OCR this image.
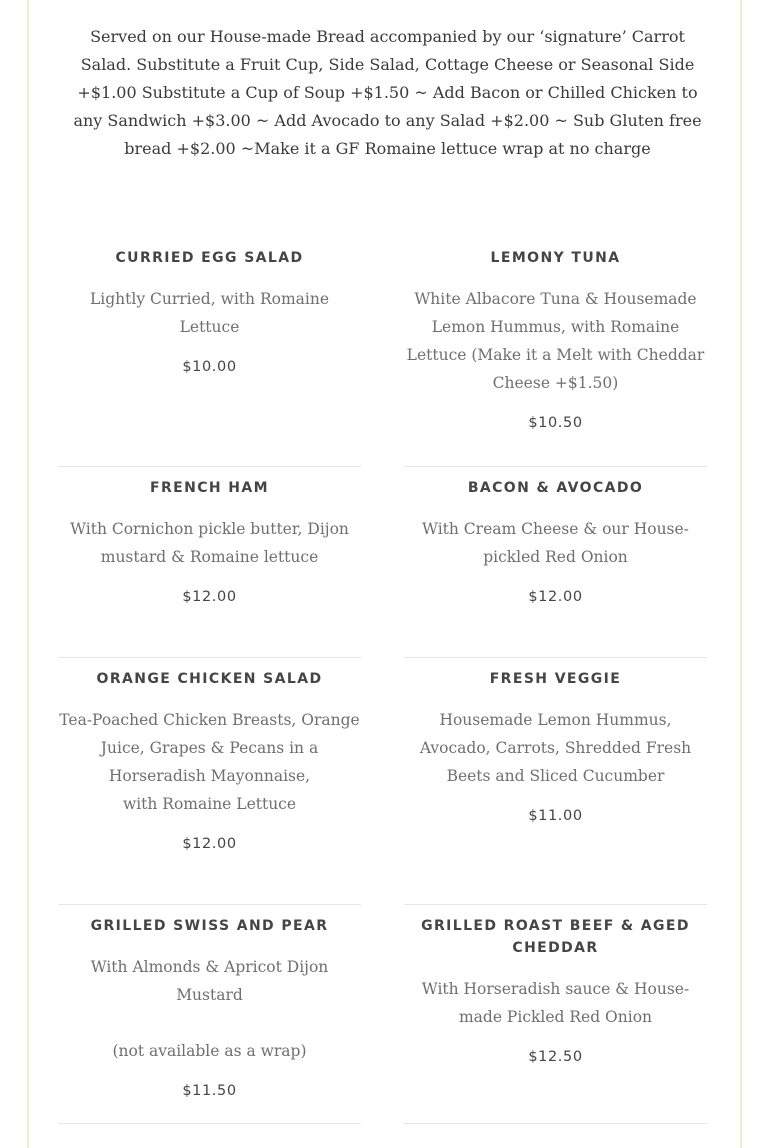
Served on our House-made Bread accompanied by our ‘signature’ Carrot Salad. Substitute a Fruit Cup, Side Salad, Cottage Cheese or Seasonal Side +$1.00 Substitute a Cup of Soup +$1.50 ~ Add Bacon or Chilled Chicken to any Sandwich +$3.00 ~ Add Avocado to any Salad +$2.00 ~ Sub Gluten free bread +$2.00 ~Make it a GF Romaine lettuce wrap at no charge

CURRIED EGG SALAD

Lightly Curried, with Romaine Lettuce

$10.00

LEMONY TUNA

White Albacore Tuna & Housemade Lemon Hummus, with Romaine Lettuce (Make it a Melt with Cheddar Cheese +$1.50)

$10.50

FRENCH HAM

With Cornichon pickle butter, Dijon mustard & Romaine lettuce

$12.00

BACON & AVOCADO

With Cream Cheese & our House-pickled Red Onion

$12.00

ORANGE CHICKEN SALAD

Tea-Poached Chicken Breasts, Orange Juice, Grapes & Pecans in a Horseradish Mayonnaise,
with Romaine Lettuce

$12.00

FRESH VEGGIE

Housemade Lemon Hummus, Avocado, Carrots, Shredded Fresh Beets and Sliced Cucumber

$11.00

GRILLED SWISS AND PEAR

With Almonds & Apricot Dijon Mustard

(not available as a wrap)

$11.50

GRILLED ROAST BEEF & AGED CHEDDAR

With Horseradish sauce & House-made Pickled Red Onion

$12.50
